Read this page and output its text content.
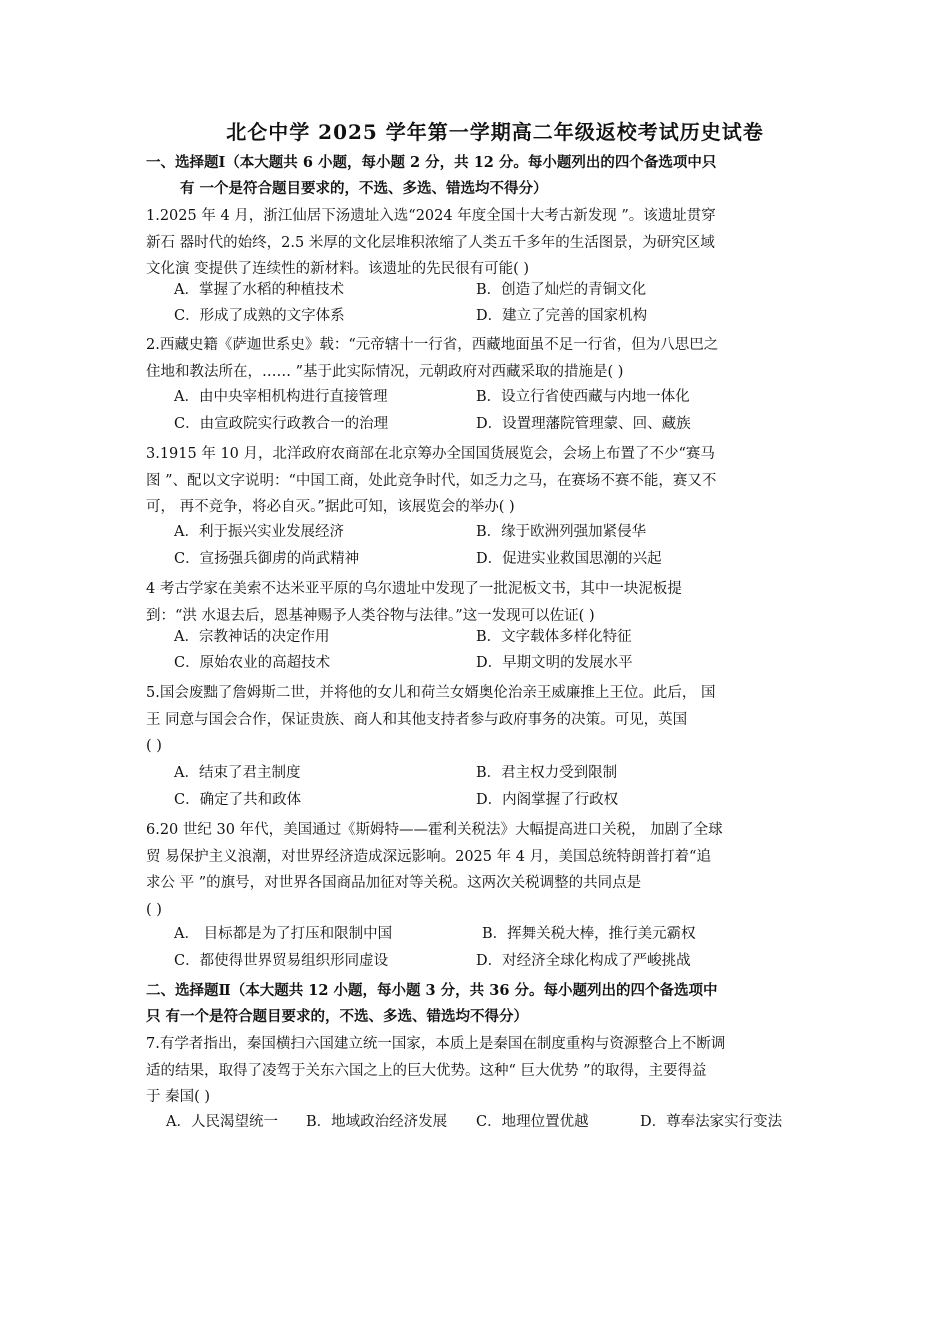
北仑中学 2025 学年第一学期高二年级返校考试历史试卷
一、选择题Ⅰ（本大题共 6 小题，每小题 2 分，共 12 分。每小题列出的四个备选项中只
有 一个是符合题目要求的，不选、多选、错选均不得分）
1.2025 年 4 月，浙江仙居下汤遗址入选“2024 年度全国十大考古新发现 ”。该遗址贯穿
新石 器时代的始终，2.5 米厚的文化层堆积浓缩了人类五千多年的生活图景，为研究区域
文化演 变提供了连续性的新材料。该遗址的先民很有可能( )
A．掌握了水稻的种植技术	B．创造了灿烂的青铜文化
C．形成了成熟的文字体系	D．建立了完善的国家机构
2.西藏史籍《萨迦世系史》载：“元帝辖十一行省，西藏地面虽不足一行省，但为八思巴之
住地和教法所在，…… ”基于此实际情况，元朝政府对西藏采取的措施是( )
A．由中央宰相机构进行直接管理	B．设立行省使西藏与内地一体化
C．由宣政院实行政教合一的治理	D．设置理藩院管理蒙、回、藏族
3.1915 年 10 月，北洋政府农商部在北京筹办全国国货展览会，会场上布置了不少“赛马
图 ”、配以文字说明：“中国工商，处此竞争时代，如乏力之马，在赛场不赛不能，赛又不
可， 再不竞争，将必自灭。”据此可知，该展览会的举办( )
A．利于振兴实业发展经济	B．缘于欧洲列强加紧侵华
C．宣扬强兵御虏的尚武精神	D．促进实业救国思潮的兴起
4 考古学家在美索不达米亚平原的乌尔遗址中发现了一批泥板文书，其中一块泥板提
到：“洪 水退去后，恩基神赐予人类谷物与法律。”这一发现可以佐证( )
A．宗教神话的决定作用	B．文字载体多样化特征
C．原始农业的高超技术	D．早期文明的发展水平
5.国会废黜了詹姆斯二世，并将他的女儿和荷兰女婿奥伦治亲王威廉推上王位。此后， 国
王 同意与国会合作，保证贵族、商人和其他支持者参与政府事务的决策。可见，英国
( )
A．结束了君主制度	B．君主权力受到限制
C．确定了共和政体	D．内阁掌握了行政权
6.20 世纪 30 年代，美国通过《斯姆特——霍利关税法》大幅提高进口关税， 加剧了全球
贸 易保护主义浪潮，对世界经济造成深远影响。2025 年 4 月，美国总统特朗普打着“追
求公 平 ”的旗号，对世界各国商品加征对等关税。这两次关税调整的共同点是
( )
A． 目标都是为了打压和限制中国	B．挥舞关税大棒，推行美元霸权
C．都使得世界贸易组织形同虚设	D．对经济全球化构成了严峻挑战
二、选择题Ⅱ（本大题共 12 小题，每小题 3 分，共 36 分。每小题列出的四个备选项中
只 有一个是符合题目要求的，不选、多选、错选均不得分）
7.有学者指出，秦国横扫六国建立统一国家，本质上是秦国在制度重构与资源整合上不断调
适的结果，取得了凌驾于关东六国之上的巨大优势。这种“ 巨大优势 ”的取得，主要得益
于 秦国( )
A．人民渴望统一 B．地域政治经济发展 C．地理位置优越	D．尊奉法家实行变法
